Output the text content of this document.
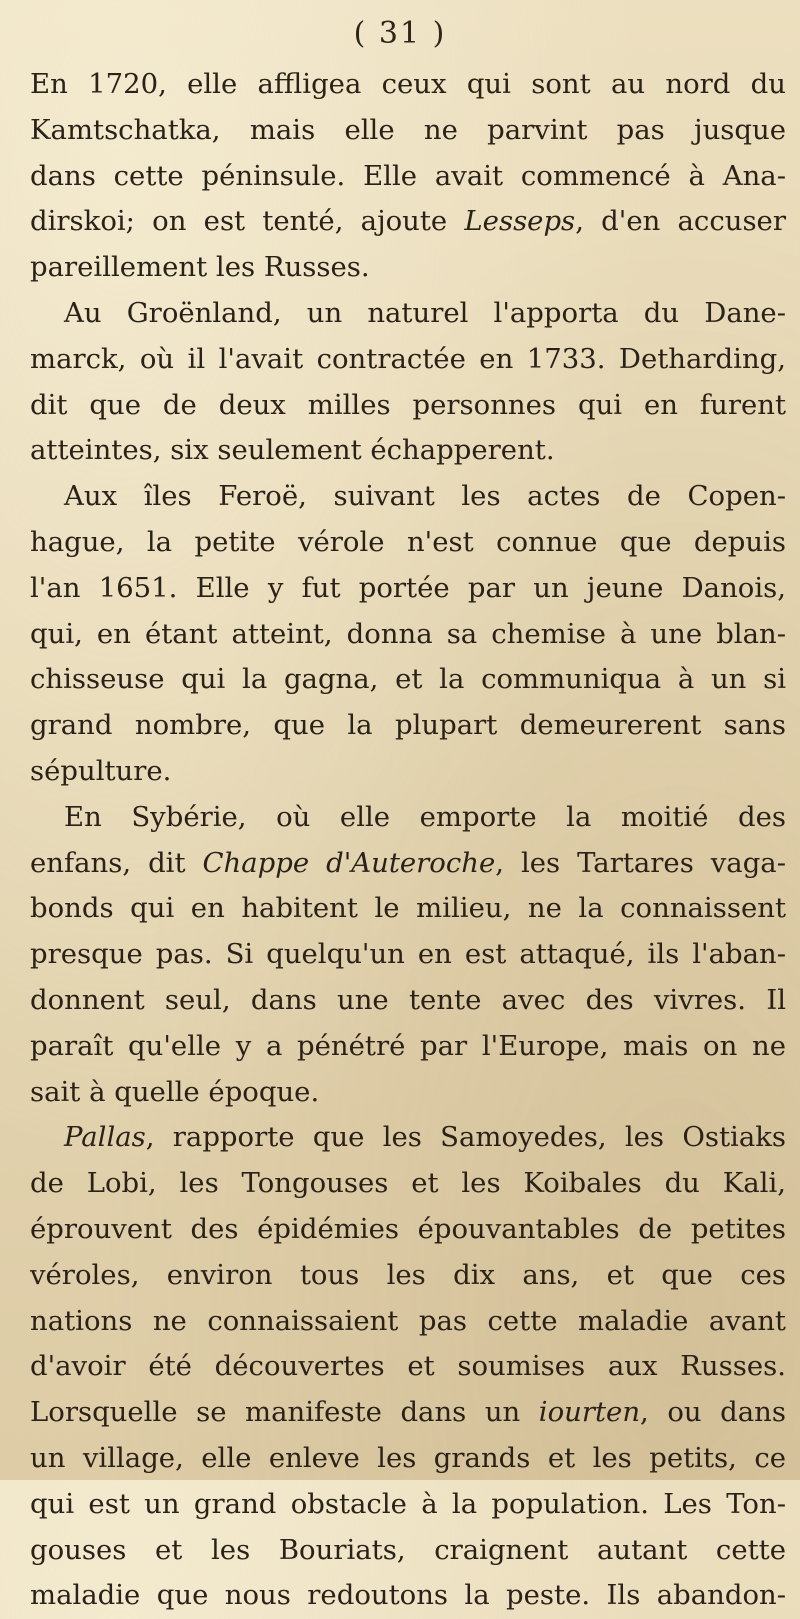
( 31 )

En 1720, elle affligea ceux qui sont au nord du
Kamtschatka, mais elle ne parvint pas jusque
dans cette péninsule. Elle avait commencé à Ana-
dirskoi; on est tenté, ajoute Lesseps, d'en accuser
pareillement les Russes.

Au Groënland, un naturel l'apporta du Dane-
marck, où il l'avait contractée en 1733. Detharding,
dit que de deux milles personnes qui en furent
atteintes, six seulement échapperent.

Aux îles Feroë, suivant les actes de Copen-
hague, la petite vérole n'est connue que depuis
l'an 1651. Elle y fut portée par un jeune Danois,
qui, en étant atteint, donna sa chemise à une blan-
chisseuse qui la gagna, et la communiqua à un si
grand nombre, que la plupart demeurerent sans
sépulture.

En Sybérie, où elle emporte la moitié des
enfans, dit Chappe d'Auteroche, les Tartares vaga-
bonds qui en habitent le milieu, ne la connaissent
presque pas. Si quelqu'un en est attaqué, ils l'aban-
donnent seul, dans une tente avec des vivres. Il
paraît qu'elle y a pénétré par l'Europe, mais on ne
sait à quelle époque.

Pallas, rapporte que les Samoyedes, les Ostiaks
de Lobi, les Tongouses et les Koibales du Kali,
éprouvent des épidémies épouvantables de petites
véroles, environ tous les dix ans, et que ces
nations ne connaissaient pas cette maladie avant
d'avoir été découvertes et soumises aux Russes.
Lorsquelle se manifeste dans un iourten, ou dans
un village, elle enleve les grands et les petits, ce
qui est un grand obstacle à la population. Les Ton-
gouses et les Bouriats, craignent autant cette
maladie que nous redoutons la peste. Ils abandon-
